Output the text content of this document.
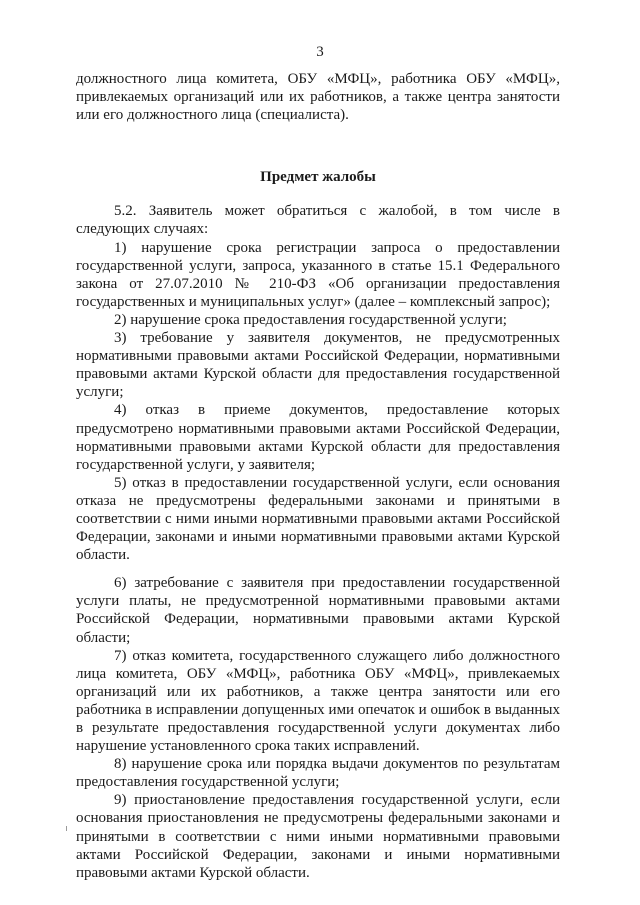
3

должностного лица комитета, ОБУ «МФЦ», работника ОБУ «МФЦ», привлекаемых организаций или их работников, а также центра занятости или его должностного лица (специалиста).

Предмет жалобы

5.2. Заявитель может обратиться с жалобой, в том числе в следующих случаях:

1) нарушение срока регистрации запроса о предоставлении государственной услуги, запроса, указанного в статье 15.1 Федерального закона от 27.07.2010 № 210-ФЗ «Об организации предоставления государственных и муниципальных услуг» (далее – комплексный запрос);

2) нарушение срока предоставления государственной услуги;

3) требование у заявителя документов, не предусмотренных нормативными правовыми актами Российской Федерации, нормативными правовыми актами Курской области для предоставления государственной услуги;

4) отказ в приеме документов, предоставление которых предусмотрено нормативными правовыми актами Российской Федерации, нормативными правовыми актами Курской области для предоставления государственной услуги, у заявителя;

5) отказ в предоставлении государственной услуги, если основания отказа не предусмотрены федеральными законами и принятыми в соответствии с ними иными нормативными правовыми актами Российской Федерации, законами и иными нормативными правовыми актами Курской области.

6) затребование с заявителя при предоставлении государственной услуги платы, не предусмотренной нормативными правовыми актами Российской Федерации, нормативными правовыми актами Курской области;

7) отказ комитета, государственного служащего либо должностного лица комитета, ОБУ «МФЦ», работника ОБУ «МФЦ», привлекаемых организаций или их работников, а также центра занятости или его работника в исправлении допущенных ими опечаток и ошибок в выданных в результате предоставления государственной услуги документах либо нарушение установленного срока таких исправлений.

8) нарушение срока или порядка выдачи документов по результатам предоставления государственной услуги;

9) приостановление предоставления государственной услуги, если основания приостановления не предусмотрены федеральными законами и принятыми в соответствии с ними иными нормативными правовыми актами Российской Федерации, законами и иными нормативными правовыми актами Курской области.
